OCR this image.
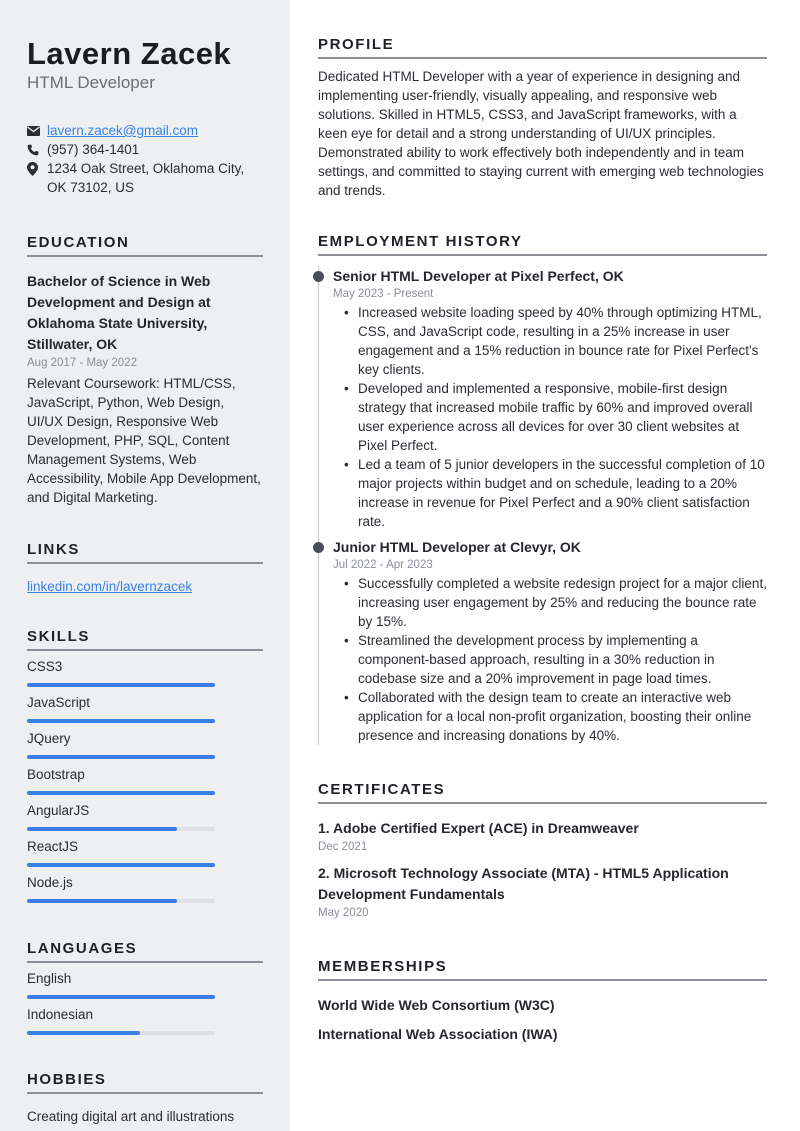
Lavern Zacek
HTML Developer
lavern.zacek@gmail.com
(957) 364-1401
1234 Oak Street, Oklahoma City, OK 73102, US
EDUCATION
Bachelor of Science in Web Development and Design at Oklahoma State University, Stillwater, OK
Aug 2017 - May 2022
Relevant Coursework: HTML/CSS, JavaScript, Python, Web Design, UI/UX Design, Responsive Web Development, PHP, SQL, Content Management Systems, Web Accessibility, Mobile App Development, and Digital Marketing.
LINKS
linkedin.com/in/lavernzacek
SKILLS
CSS3
JavaScript
JQuery
Bootstrap
AngularJS
ReactJS
Node.js
LANGUAGES
English
Indonesian
HOBBIES
Creating digital art and illustrations
PROFILE
Dedicated HTML Developer with a year of experience in designing and implementing user-friendly, visually appealing, and responsive web solutions. Skilled in HTML5, CSS3, and JavaScript frameworks, with a keen eye for detail and a strong understanding of UI/UX principles. Demonstrated ability to work effectively both independently and in team settings, and committed to staying current with emerging web technologies and trends.
EMPLOYMENT HISTORY
Senior HTML Developer at Pixel Perfect, OK
May 2023 - Present
• Increased website loading speed by 40% through optimizing HTML, CSS, and JavaScript code, resulting in a 25% increase in user engagement and a 15% reduction in bounce rate for Pixel Perfect's key clients.
• Developed and implemented a responsive, mobile-first design strategy that increased mobile traffic by 60% and improved overall user experience across all devices for over 30 client websites at Pixel Perfect.
• Led a team of 5 junior developers in the successful completion of 10 major projects within budget and on schedule, leading to a 20% increase in revenue for Pixel Perfect and a 90% client satisfaction rate.
Junior HTML Developer at Clevyr, OK
Jul 2022 - Apr 2023
• Successfully completed a website redesign project for a major client, increasing user engagement by 25% and reducing the bounce rate by 15%.
• Streamlined the development process by implementing a component-based approach, resulting in a 30% reduction in codebase size and a 20% improvement in page load times.
• Collaborated with the design team to create an interactive web application for a local non-profit organization, boosting their online presence and increasing donations by 40%.
CERTIFICATES
1. Adobe Certified Expert (ACE) in Dreamweaver
Dec 2021
2. Microsoft Technology Associate (MTA) - HTML5 Application Development Fundamentals
May 2020
MEMBERSHIPS
World Wide Web Consortium (W3C)
International Web Association (IWA)
